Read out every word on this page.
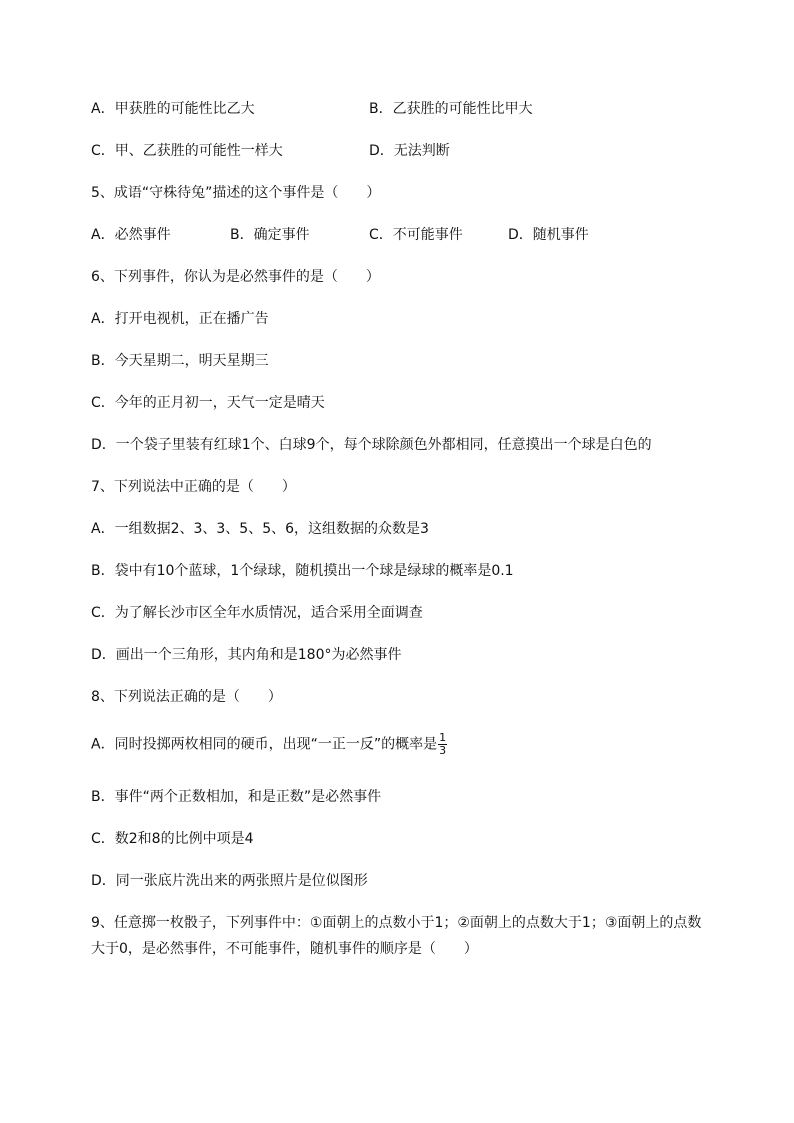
A．甲获胜的可能性比乙大	B．乙获胜的可能性比甲大
C．甲、乙获胜的可能性一样大	D．无法判断
5、成语“守株待兔”描述的这个事件是（　　）
A．必然事件	B．确定事件	C．不可能事件	D．随机事件
6、下列事件，你认为是必然事件的是（　　）
A．打开电视机，正在播广告
B．今天星期二，明天星期三
C．今年的正月初一，天气一定是晴天
D．一个袋子里装有红球1个、白球9个，每个球除颜色外都相同，任意摸出一个球是白色的
7、下列说法中正确的是（　　）
A．一组数据2、3、3、5、5、6，这组数据的众数是3
B．袋中有10个蓝球，1个绿球，随机摸出一个球是绿球的概率是0.1
C．为了解长沙市区全年水质情况，适合采用全面调查
D．画出一个三角形，其内角和是180°为必然事件
8、下列说法正确的是（　　）
A．同时投掷两枚相同的硬币，出现“一正一反”的概率是 $\frac{1}{3}$
B．事件“两个正数相加，和是正数”是必然事件
C．数2和8的比例中项是4
D．同一张底片洗出来的两张照片是位似图形
9、任意掷一枚骰子，下列事件中：①面朝上的点数小于1；②面朝上的点数大于1；③面朝上的点数
大于0，是必然事件，不可能事件，随机事件的顺序是（　　）
